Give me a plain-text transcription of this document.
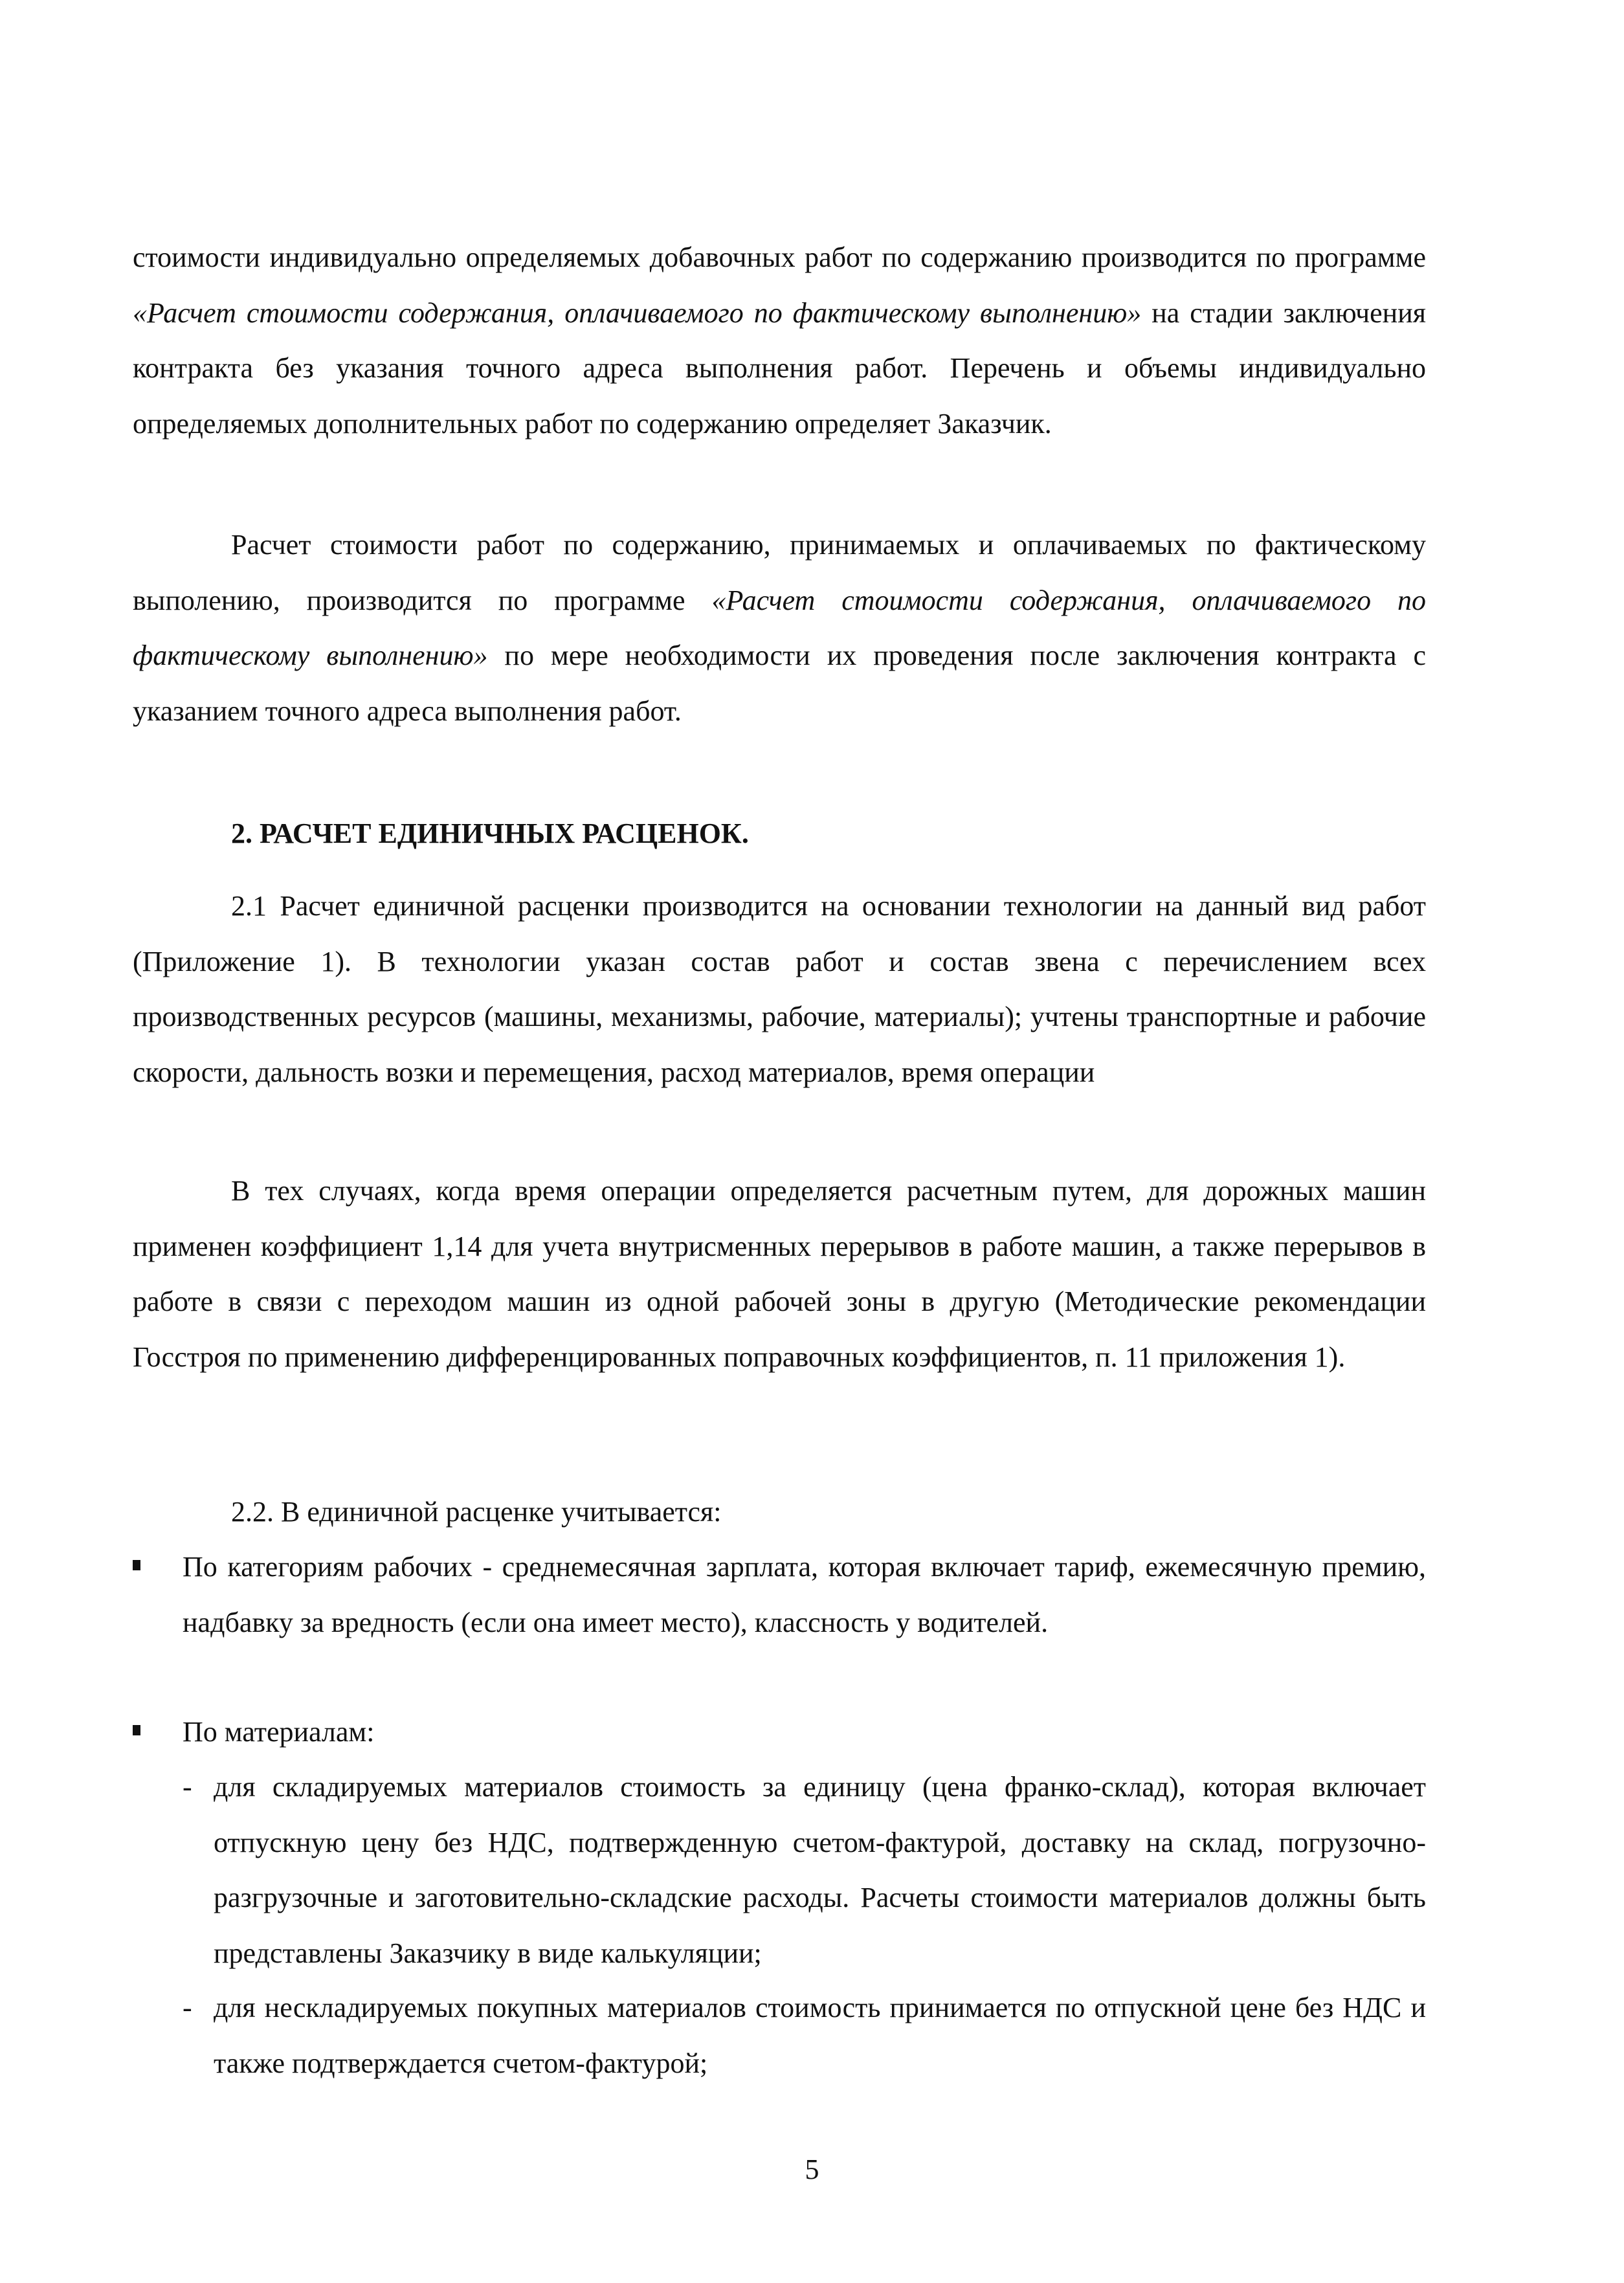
стоимости индивидуально определяемых добавочных работ по содержанию производится по программе «Расчет стоимости содержания, оплачиваемого по фактическому выполнению» на стадии заключения контракта без указания точного адреса выполнения работ. Перечень и объемы индивидуально определяемых дополнительных работ по содержанию определяет Заказчик.

Расчет стоимости работ по содержанию, принимаемых и оплачиваемых по фактическому выполению, производится по программе «Расчет стоимости содержания, оплачиваемого по фактическому выполнению» по мере необходимости их проведения после заключения контракта с указанием точного адреса выполнения работ.

2. РАСЧЕТ ЕДИНИЧНЫХ РАСЦЕНОК.

2.1 Расчет единичной расценки производится на основании технологии на данный вид работ (Приложение 1). В технологии указан состав работ и состав звена с перечислением всех производственных ресурсов (машины, механизмы, рабочие, материалы); учтены транспортные и рабочие скорости, дальность возки и перемещения, расход материалов, время операции

В тех случаях, когда время операции определяется расчетным путем, для дорожных машин применен коэффициент 1,14 для учета внутрисменных перерывов в работе машин, а также перерывов в работе в связи с переходом машин из одной рабочей зоны в другую (Методические рекомендации Госстроя по применению дифференцированных поправочных коэффициентов, п. 11 приложения 1).

2.2. В единичной расценке учитывается:

По категориям рабочих - среднемесячная зарплата, которая включает тариф, ежемесячную премию, надбавку за вредность (если она имеет место), классность у водителей.

По материалам:

- для складируемых материалов стоимость за единицу (цена франко-склад), которая включает отпускную цену без НДС, подтвержденную счетом-фактурой, доставку на склад, погрузочно-разгрузочные и заготовительно-складские расходы. Расчеты стоимости материалов должны быть представлены Заказчику в виде калькуляции;

- для нескладируемых покупных материалов стоимость принимается по отпускной цене без НДС и также подтверждается счетом-фактурой;

5
